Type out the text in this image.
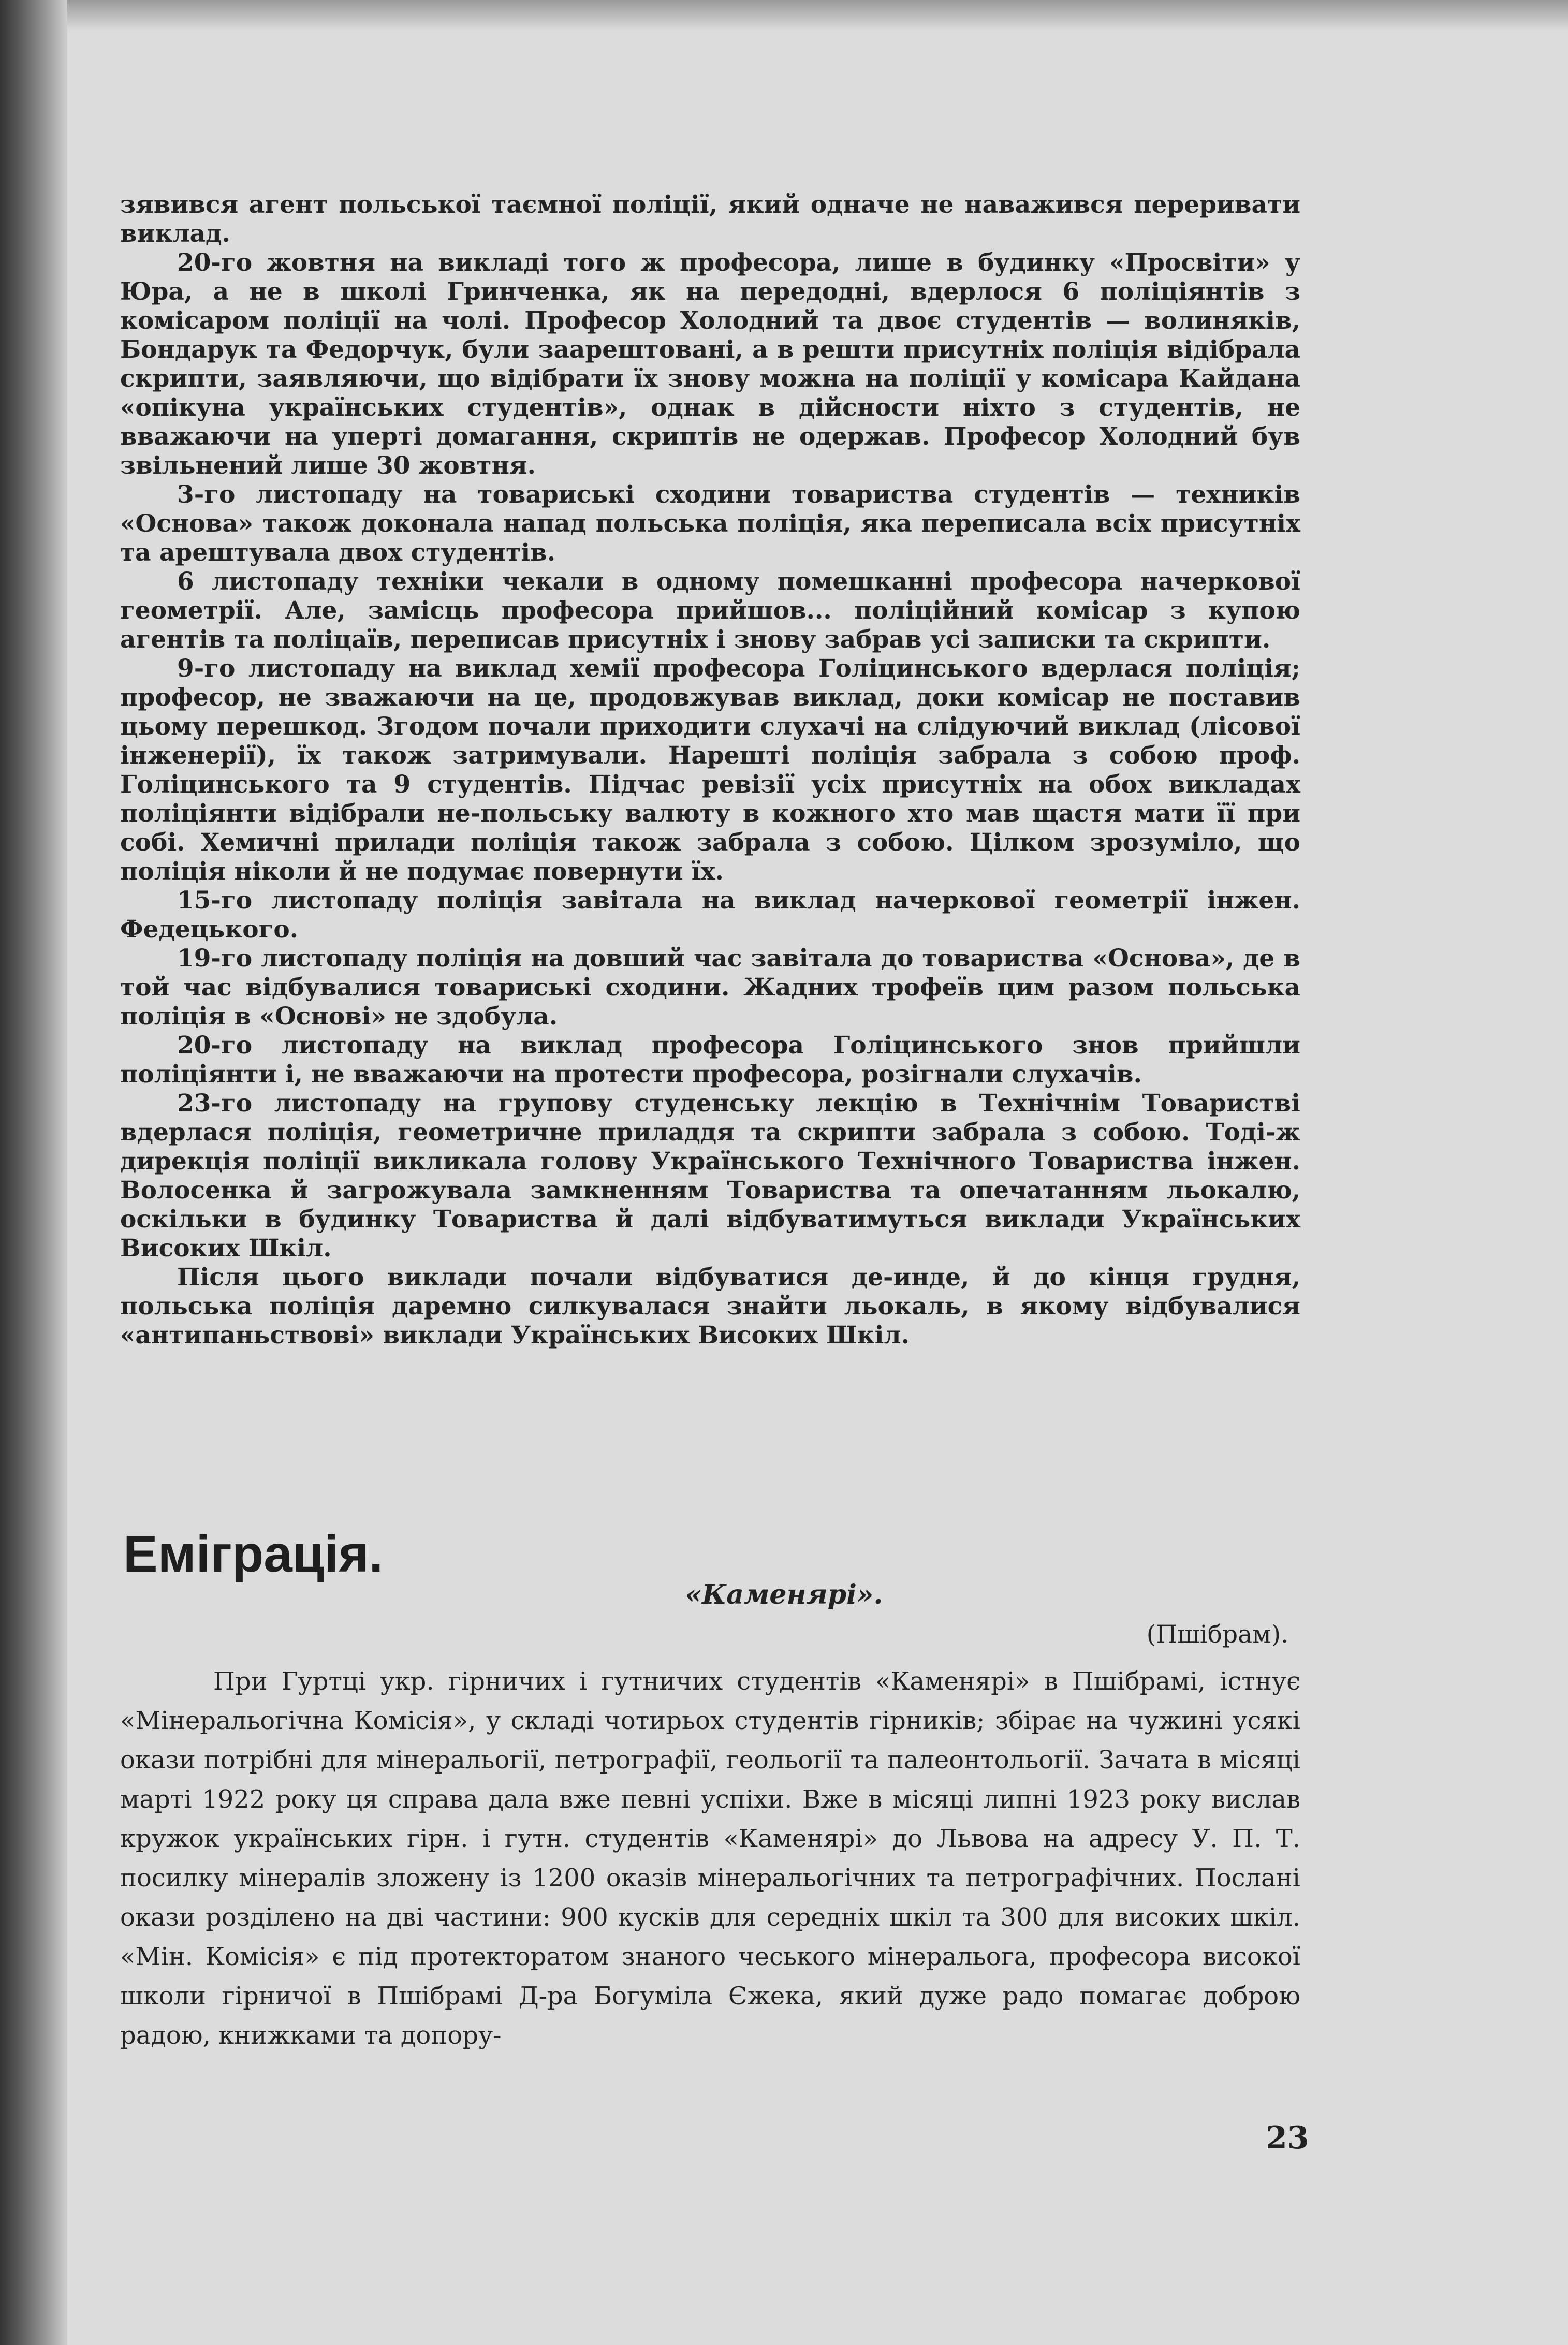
зявився агент польської таємної поліції, який одначе не наважився переривати виклад.

20-го жовтня на викладі того ж професора, лише в будинку «Просвіти» у Юра, а не в школі Гринченка, як на передодні, вдерлося 6 поліціянтів з комісаром поліції на чолі. Професор Холодний та двоє студентів — волиняків, Бондарук та Федорчук, були заарештовані, а в решти присутніх поліція відібрала скрипти, заявляючи, що відібрати їх знову можна на поліції у комісара Кайдана «опікуна українських студентів», однак в дійсности ніхто з студентів, не вважаючи на уперті домагання, скриптів не одержав. Професор Холодний був звільнений лише 30 жовтня.

3-го листопаду на товариські сходини товариства студентів — техників «Основа» також доконала напад польська поліція, яка переписала всіх присутніх та арештувала двох студентів.

6 листопаду техніки чекали в одному помешканні професора начеркової геометрії. Але, замісць професора прийшов... поліційний комісар з купою агентів та поліцаїв, переписав присутніх і знову забрав усі записки та скрипти.

9-го листопаду на виклад хемії професора Голіцинського вдерлася поліція; професор, не зважаючи на це, продовжував виклад, доки комісар не поставив цьому перешкод. Згодом почали приходити слухачі на слідуючий виклад (лісової інженерії), їх також затримували. Нарешті поліція забрала з собою проф. Голіцинського та 9 студентів. Підчас ревізії усіх присутніх на обох викладах поліціянти відібрали не-польську валюту в кожного хто мав щастя мати її при собі. Хемичні прилади поліція також забрала з собою. Цілком зрозуміло, що поліція ніколи й не подумає повернути їх.

15-го листопаду поліція завітала на виклад начеркової геометрії інжен. Федецького.

19-го листопаду поліція на довший час завітала до товариства «Основа», де в той час відбувалися товариські сходини. Жадних трофеїв цим разом польська поліція в «Основі» не здобула.

20-го листопаду на виклад професора Голіцинського знов прийшли поліціянти і, не вважаючи на протести професора, розігнали слухачів.

23-го листопаду на групову студенську лекцію в Технічнім Товаристві вдерлася поліція, геометричне приладдя та скрипти забрала з собою. Тоді-ж дирекція поліції викликала голову Українського Технічного Товариства інжен. Волосенка й загрожувала замкненням Товариства та опечатанням льокалю, оскільки в будинку Товариства й далі відбуватимуться виклади Українських Високих Шкіл.

Після цього виклади почали відбуватися де-инде, й до кінця грудня, польська поліція даремно силкувалася знайти льокаль, в якому відбувалися «антипаньствові» виклади Українських Високих Шкіл.

Еміграція.
«Каменярі».
(Пшібрам).

При Гуртці укр. гірничих і гутничих студентів «Каменярі» в Пшібрамі, істнує «Мінеральогічна Комісія», у складі чотирьох студентів гірників; збірає на чужині усякі окази потрібні для мінеральогії, петрографії, геольогії та палеонтольогії. Зачата в місяці марті 1922 року ця справа дала вже певні успіхи. Вже в місяці липні 1923 року вислав кружок українських гірн. і гутн. студентів «Каменярі» до Львова на адресу У. П. Т. посилку мінералів зложену із 1200 оказів мінеральогічних та петрографічних. Послані окази розділено на дві частини: 900 кусків для середніх шкіл та 300 для високих шкіл. «Мін. Комісія» є під протекторатом знаного чеського мінеральога, професора високої школи гірничої в Пшібрамі Д-ра Богуміла Єжека, який дуже радо помагає доброю радою, книжками та допору-

23
